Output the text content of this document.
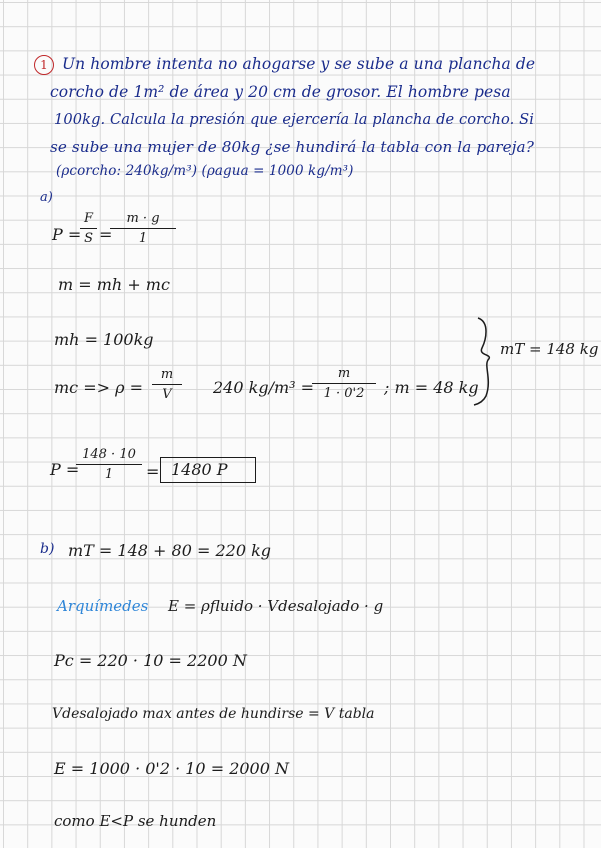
1 Un hombre intenta no ahogarse y se sube a una plancha de
corcho de 1m² de área y 20 cm de grosor. El hombre pesa
100kg. Calcula la presión que ejercería la plancha de corcho. Si
se sube una mujer de 80kg ¿se hundirá la tabla con la pareja?
(ρcorcho: 240kg/m³) (ρagua = 1000 kg/m³)
a)
P =
$\frac{F}{S}$ =
$\frac{m \cdot g}{1}$
m = mh + mc
mh = 100kg
mc => $\rho = \frac{m}{V} 240$ kg/m³ =
$\frac{m}{1 \cdot 0'2}$ ; m = 48 kg
mT = 148 kg
P =
$\frac{148 \cdot 10}{1} = 1480$ P
b) mT = 148 + 80 = 220 kg
Arquímedes E = ρfluido · Vdesalojado · g
Pc = 220 · 10 = 2200 N
Vdesalojado max antes de hundirse = V tabla
E = 1000 · 0'2 · 10 = 2000 N
como E<P se hunden
